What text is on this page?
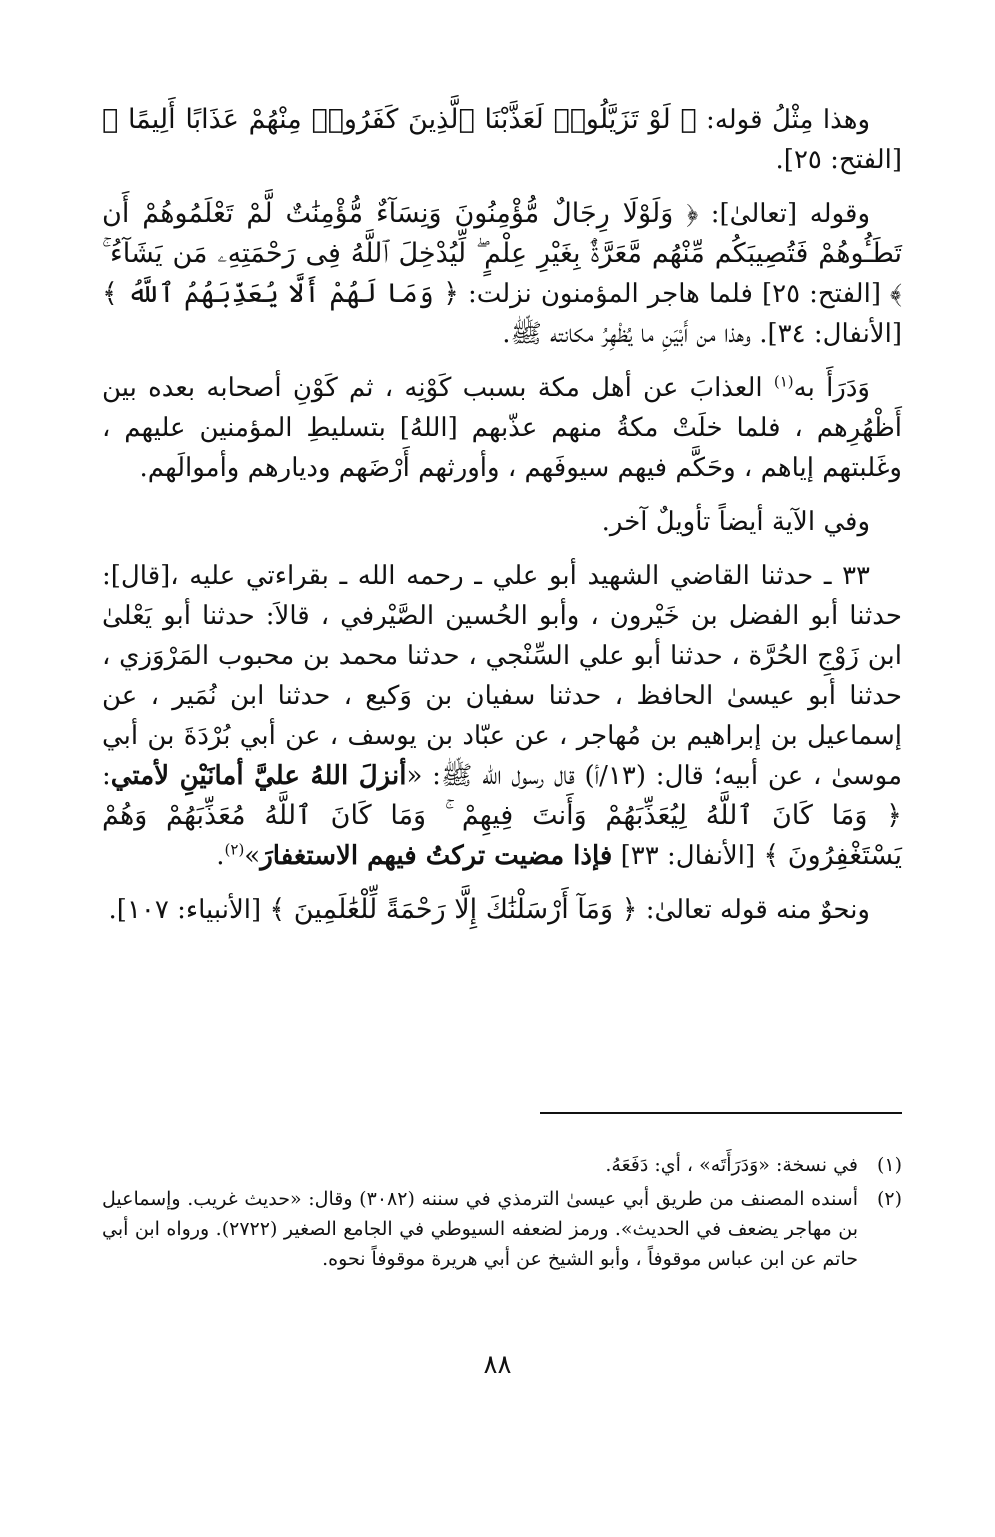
وهذا مِثْلُ قوله: ﴿ لَوْ تَزَيَّلُوا۟ لَعَذَّبْنَا ٱلَّذِينَ كَفَرُوا۟ مِنْهُمْ عَذَابًا أَلِيمًا ﴾ [الفتح: ٢٥].

وقوله [تعالىٰ]: ﴿ وَلَوْلَا رِجَالٌ مُّؤْمِنُونَ وَنِسَآءٌ مُّؤْمِنَٰتٌ لَّمْ تَعْلَمُوهُمْ أَن تَطَـُٔوهُمْ فَتُصِيبَكُم مِّنْهُم مَّعَرَّةٌۢ بِغَيْرِ عِلْمٍ ۖ لِّيُدْخِلَ ٱللَّهُ فِى رَحْمَتِهِۦ مَن يَشَآءُ ۚ ﴾ [الفتح: ٢٥] فلما هاجر المؤمنون نزلت: ﴿ وَمَا لَهُمْ أَلَّا يُعَذِّبَهُمُ ٱللَّهُ ﴾ [الأنفال: ٣٤]. وهذا من أَبْيَنِ ما يُظْهِرُ مكانته ﷺ.

وَدَرَأَ به$^{(١)}$ العذابَ عن أهل مكة بسبب كَوْنِه ، ثم كَوْنِ أصحابه بعده بين أَظْهُرِهم ، فلما خلَتْ مكةُ منهم عذّبهم [اللهُ] بتسليطِ المؤمنين عليهم ، وغَلبتهم إياهم ، وحَكَّم فيهم سيوفَهم ، وأورثهم أَرْضَهم وديارهم وأموالَهم.

وفي الآية أيضاً تأويلٌ آخر.

٣٣ ـ حدثنا القاضي الشهيد أبو علي ـ رحمه الله ـ بقراءتي عليه ،[قال]: حدثنا أبو الفضل بن خَيْرون ، وأبو الحُسين الصَّيْرفي ، قالاَ: حدثنا أبو يَعْلىٰ ابن زَوْجِ الحُرَّة ، حدثنا أبو علي السِّنْجي ، حدثنا محمد بن محبوب المَرْوَزي ، حدثنا أبو عيسىٰ الحافظ ، حدثنا سفيان بن وَكيع ، حدثنا ابن نُمَير ، عن إسماعيل بن إبراهيم بن مُهاجر ، عن عبّاد بن يوسف ، عن أبي بُرْدَةَ بن أبي موسىٰ ، عن أبيه؛ قال: (١٣/أ) قال رسول الله ﷺ: «أنزلَ اللهُ عليَّ أمانَيْنِ لأمتي: ﴿ وَمَا كَانَ ٱللَّهُ لِيُعَذِّبَهُمْ وَأَنتَ فِيهِمْ ۚ وَمَا كَانَ ٱللَّهُ مُعَذِّبَهُمْ وَهُمْ يَسْتَغْفِرُونَ ﴾ [الأنفال: ٣٣] فإذا مضيت تركتُ فيهم الاستغفارَ»$^{(٢)}$.

ونحوٌ منه قوله تعالىٰ: ﴿ وَمَآ أَرْسَلْنَٰكَ إِلَّا رَحْمَةً لِّلْعَٰلَمِينَ ﴾ [الأنبياء: ١٠٧].

(١)
في نسخة: «وَدَرَأَتَه» ، أي: دَفَعَهُ.
(٢)
أسنده المصنف من طريق أبي عيسىٰ الترمذي في سننه (٣٠٨٢) وقال: «حديث غريب. وإسماعيل بن مهاجر يضعف في الحديث». ورمز لضعفه السيوطي في الجامع الصغير (٢٧٢٢). ورواه ابن أبي حاتم عن ابن عباس موقوفاً ، وأبو الشيخ عن أبي هريرة موقوفاً نحوه.
٨٨
